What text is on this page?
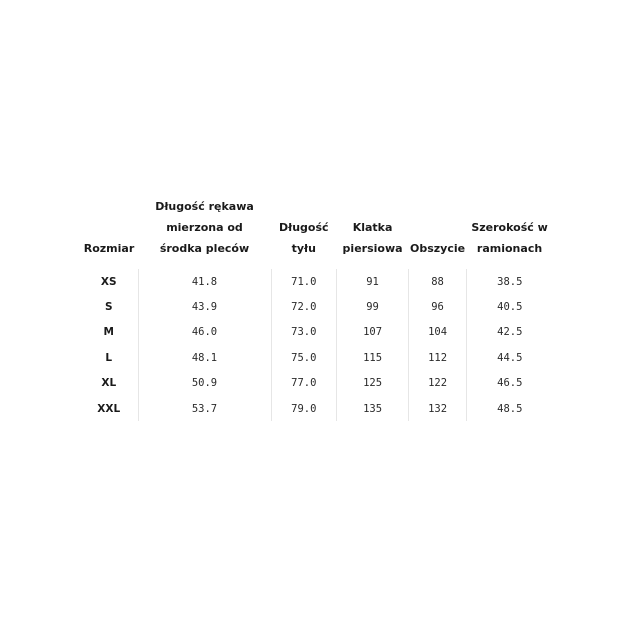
Rozmiar	Długość rękawa mierzona od środka pleców	Długość tyłu	Klatka piersiowa	Obszycie	Szerokość w ramionach
XS	41.8	71.0	91	88	38.5
S	43.9	72.0	99	96	40.5
M	46.0	73.0	107	104	42.5
L	48.1	75.0	115	112	44.5
XL	50.9	77.0	125	122	46.5
XXL	53.7	79.0	135	132	48.5
